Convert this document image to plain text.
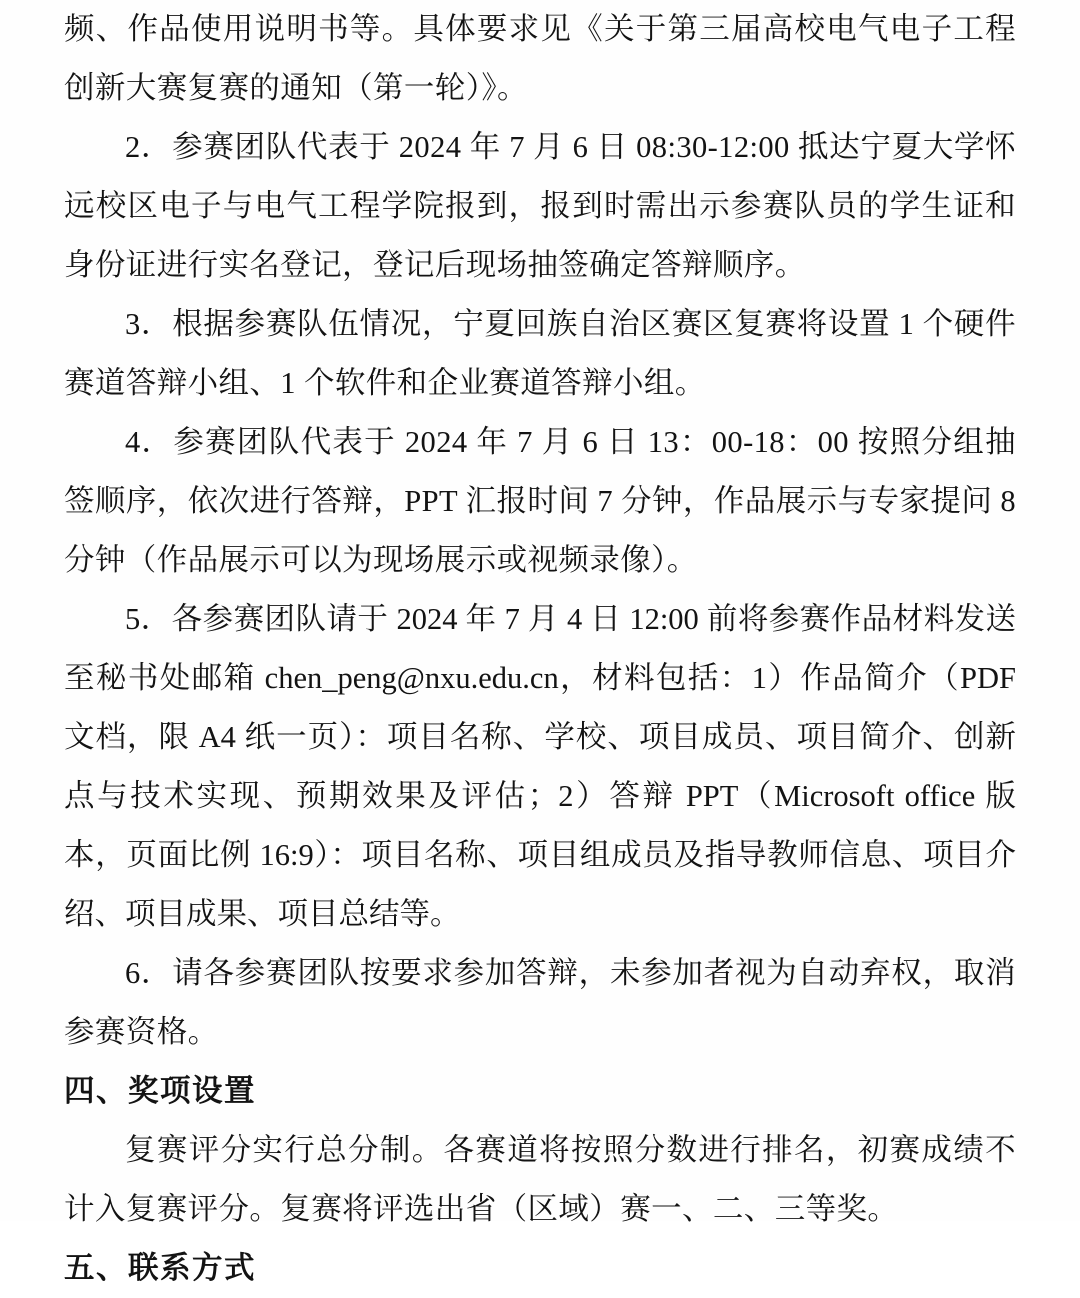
频、作品使用说明书等。具体要求见《关于第三届高校电气电子工程创新大赛复赛的通知（第一轮）》。

2．参赛团队代表于 2024 年 7 月 6 日 08:30-12:00 抵达宁夏大学怀远校区电子与电气工程学院报到，报到时需出示参赛队员的学生证和身份证进行实名登记，登记后现场抽签确定答辩顺序。

3．根据参赛队伍情况，宁夏回族自治区赛区复赛将设置 1 个硬件赛道答辩小组、1 个软件和企业赛道答辩小组。

4．参赛团队代表于 2024 年 7 月 6 日 13：00-18：00 按照分组抽签顺序，依次进行答辩，PPT 汇报时间 7 分钟，作品展示与专家提问 8 分钟（作品展示可以为现场展示或视频录像）。

5．各参赛团队请于 2024 年 7 月 4 日 12:00 前将参赛作品材料发送至秘书处邮箱 chen_peng@nxu.edu.cn，材料包括：1）作品简介（PDF 文档，限 A4 纸一页）：项目名称、学校、项目成员、项目简介、创新点与技术实现、预期效果及评估；2）答辩 PPT（Microsoft office 版本，页面比例 16:9）：项目名称、项目组成员及指导教师信息、项目介绍、项目成果、项目总结等。

6．请各参赛团队按要求参加答辩，未参加者视为自动弃权，取消参赛资格。

四、奖项设置

复赛评分实行总分制。各赛道将按照分数进行排名，初赛成绩不计入复赛评分。复赛将评选出省（区域）赛一、二、三等奖。

五、联系方式
